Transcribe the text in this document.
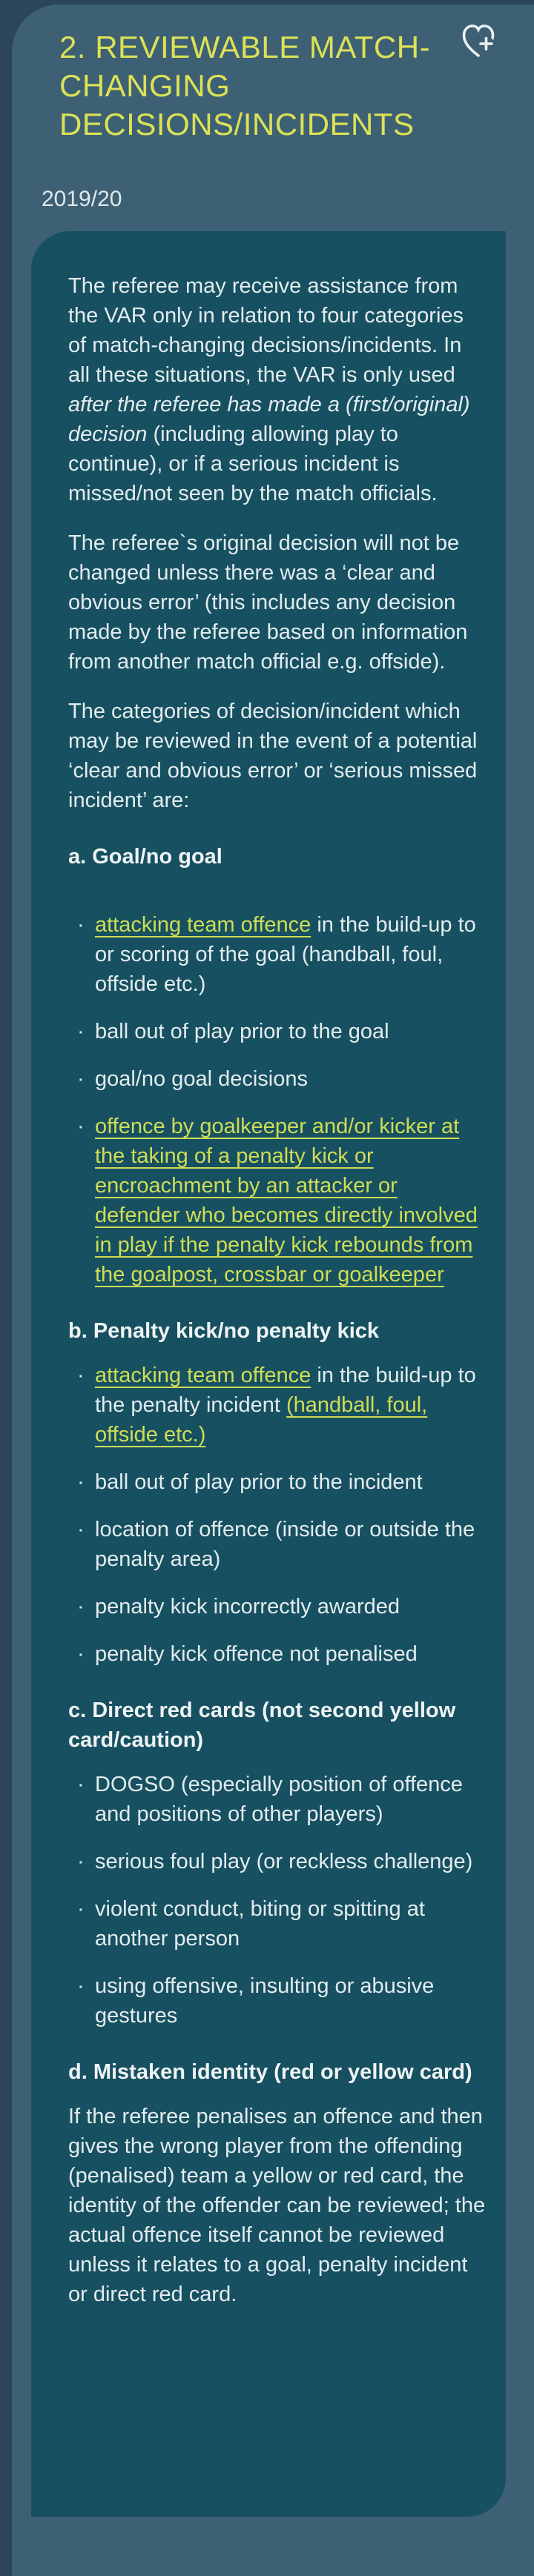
2. REVIEWABLE MATCH-CHANGING DECISIONS/INCIDENTS
2019/20

The referee may receive assistance from the VAR only in relation to four categories of match-changing decisions/incidents. In all these situations, the VAR is only used after the referee has made a (first/original) decision (including allowing play to continue), or if a serious incident is missed/not seen by the match officials.

The referee`s original decision will not be changed unless there was a ‘clear and obvious error’ (this includes any decision made by the referee based on information from another match official e.g. offside).

The categories of decision/incident which may be reviewed in the event of a potential ‘clear and obvious error’ or ‘serious missed incident’ are:

a. Goal/no goal
· attacking team offence in the build-up to or scoring of the goal (handball, foul, offside etc.)
· ball out of play prior to the goal
· goal/no goal decisions
· offence by goalkeeper and/or kicker at the taking of a penalty kick or encroachment by an attacker or defender who becomes directly involved in play if the penalty kick rebounds from the goalpost, crossbar or goalkeeper
b. Penalty kick/no penalty kick
· attacking team offence in the build-up to the penalty incident (handball, foul, offside etc.)
· ball out of play prior to the incident
· location of offence (inside or outside the penalty area)
· penalty kick incorrectly awarded
· penalty kick offence not penalised
c. Direct red cards (not second yellow card/caution)
· DOGSO (especially position of offence and positions of other players)
· serious foul play (or reckless challenge)
· violent conduct, biting or spitting at another person
· using offensive, insulting or abusive gestures
d. Mistaken identity (red or yellow card)

If the referee penalises an offence and then gives the wrong player from the offending (penalised) team a yellow or red card, the identity of the offender can be reviewed; the actual offence itself cannot be reviewed unless it relates to a goal, penalty incident or direct red card.
